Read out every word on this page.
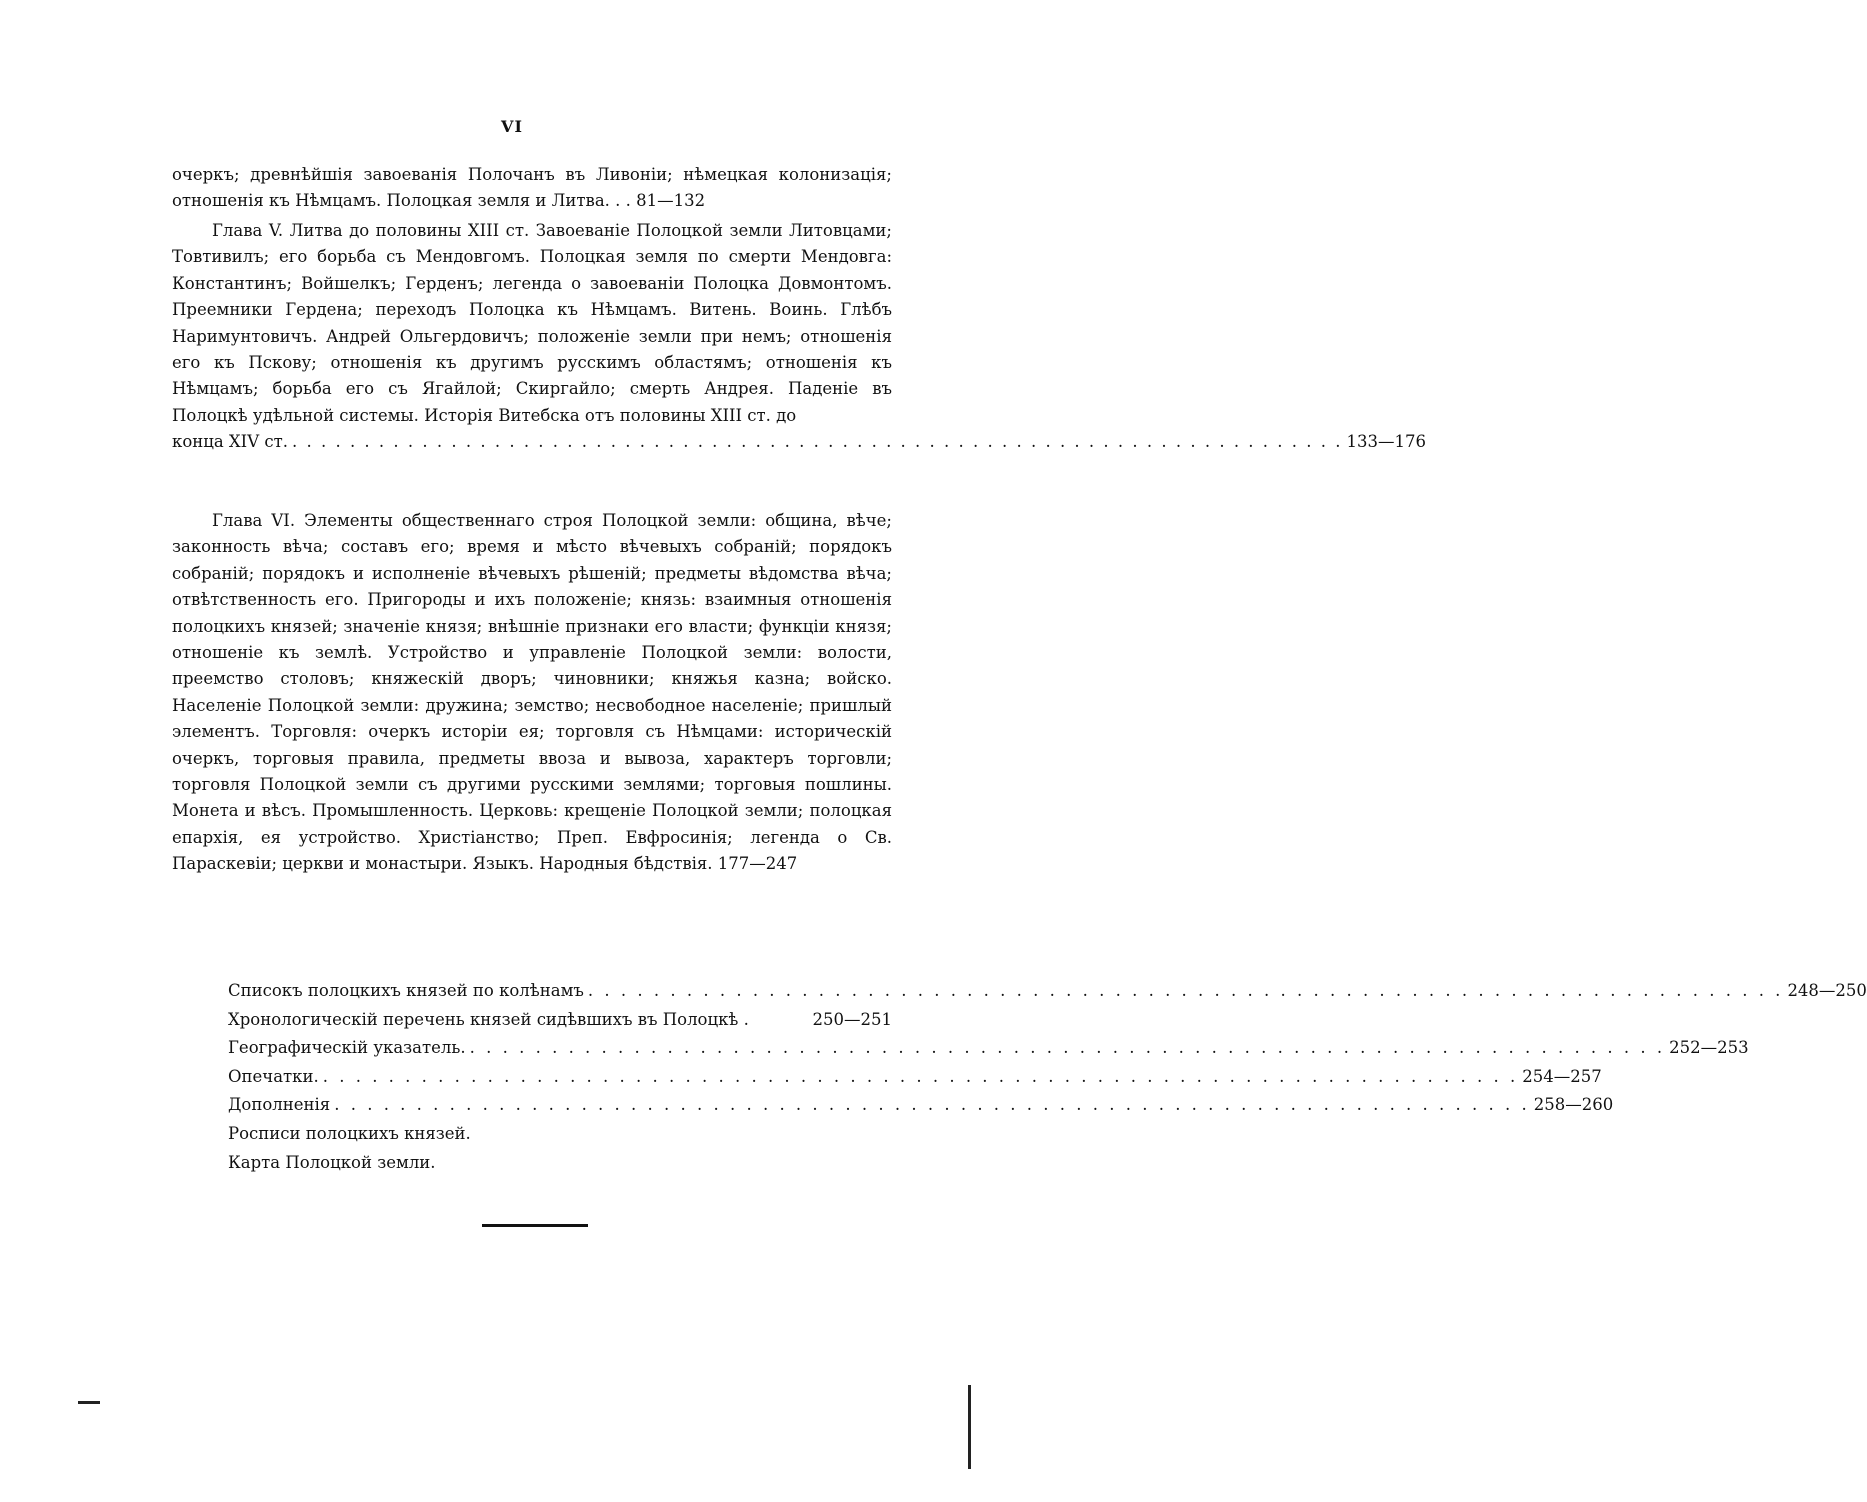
VI

очеркъ; древнѣйшія завоеванія Полочанъ въ Ливоніи; нѣмецкая колонизація; отношенія къ Нѣмцамъ. Полоцкая земля и Литва. . . 81—132

Глава V. Литва до половины XIII ст. Завоеваніе Полоцкой земли Литовцами; Товтивилъ; его борьба съ Мендовгомъ. Полоцкая земля по смерти Мендовга: Константинъ; Войшелкъ; Герденъ; легенда о завоеваніи Полоцка Довмонтомъ. Преемники Гердена; переходъ Полоцка къ Нѣмцамъ. Витень. Воинь. Глѣбъ Наримунтовичъ. Андрей Ольгердовичъ; положеніе земли при немъ; отношенія его къ Пскову; отношенія къ другимъ русскимъ областямъ; отношенія къ Нѣмцамъ; борьба его съ Ягайлой; Скиргайло; смерть Андрея. Паденіе въ Полоцкѣ удѣльной системы. Исторія Витебска отъ половины XIII ст. до

конца XIV ст. . . . . . . . . . . . . . . . . . . . . . . . . . . . . . . . . . . . . . . . . . . . . . . . . . . . . . . . . . . . . . . . . . . . . . . . . . 133—176

Глава VI. Элементы общественнаго строя Полоцкой земли: община, вѣче; законность вѣча; составъ его; время и мѣсто вѣчевыхъ собраній; порядокъ собраній; порядокъ и исполненіе вѣчевыхъ рѣшеній; предметы вѣдомства вѣча; отвѣтственность его. Пригороды и ихъ положеніе; князь: взаимныя отношенія полоцкихъ князей; значеніе князя; внѣшніе признаки его власти; функціи князя; отношеніе къ землѣ. Устройство и управленіе Полоцкой земли: волости, преемство столовъ; княжескій дворъ; чиновники; княжья казна; войско. Населеніе Полоцкой земли: дружина; земство; несвободное населеніе; пришлый элементъ. Торговля: очеркъ исторіи ея; торговля съ Нѣмцами: историческій очеркъ, торговыя правила, предметы ввоза и вывоза, характеръ торговли; торговля Полоцкой земли съ другими русскими землями; торговыя пошлины. Монета и вѣсъ. Промышленность. Церковь: крещеніе Полоцкой земли; полоцкая епархія, ея устройство. Христіанство; Преп. Евфросинія; легенда о Св. Параскевіи; церкви и монастыри. Языкъ. Народныя бѣдствія. 177—247

Списокъ полоцкихъ князей по колѣнамъ . . . . . . . . . . . . . . . . . . . . . . . . . . . . . . . . . . . . . . . . . . . . . . . . . . . . . . . . . . . . . . . . . . . . . . . . . 248—250
Хронологическій перечень князей сидѣвшихъ въ Полоцкѣ .	250—251
Географическій указатель. . . . . . . . . . . . . . . . . . . . . . . . . . . . . . . . . . . . . . . . . . . . . . . . . . . . . . . . . . . . . . . . . . . . . . . . . . 252—253
Опечатки. . . . . . . . . . . . . . . . . . . . . . . . . . . . . . . . . . . . . . . . . . . . . . . . . . . . . . . . . . . . . . . . . . . . . . . . . . 254—257
Дополненія . . . . . . . . . . . . . . . . . . . . . . . . . . . . . . . . . . . . . . . . . . . . . . . . . . . . . . . . . . . . . . . . . . . . . . . . . 258—260
Росписи полоцкихъ князей.
Карта Полоцкой земли.
